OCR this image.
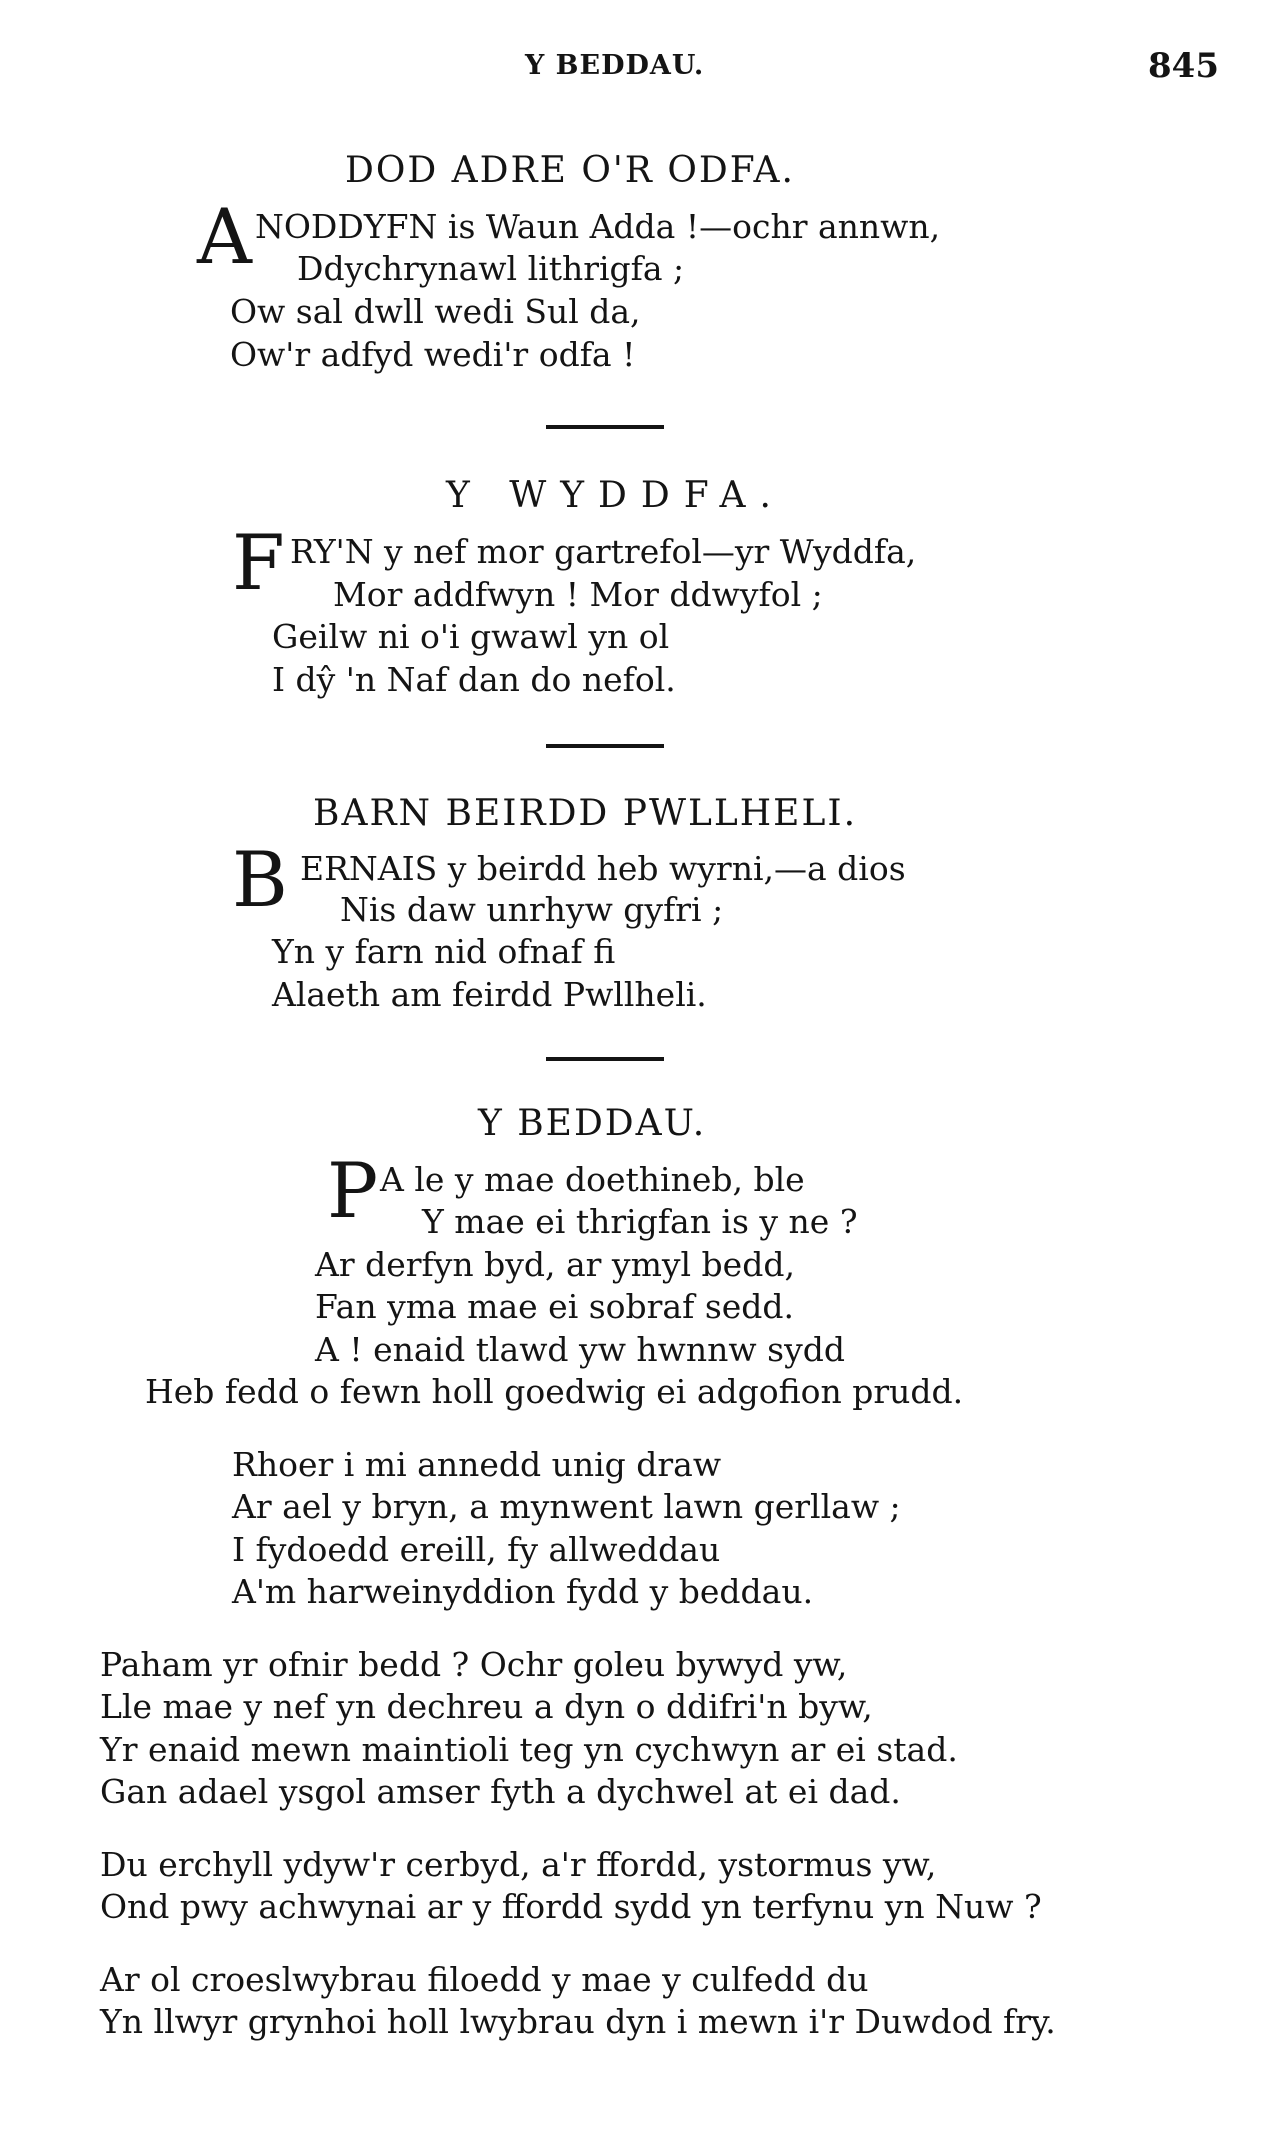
Y BEDDAU.	845
DOD ADRE O'R ODFA.
A NODDYFN is Waun Adda !—ochr annwn,
Ddychrynawl lithrigfa ;
Ow sal dwll wedi Sul da,
Ow'r adfyd wedi'r odfa !
Y WYDDFA.
F RY'N y nef mor gartrefol—yr Wyddfa,
Mor addfwyn ! Mor ddwyfol ;
Geilw ni o'i gwawl yn ol
I dŷ 'n Naf dan do nefol.
BARN BEIRDD PWLLHELI.
B ERNAIS y beirdd heb wyrni,—a dios
Nis daw unrhyw gyfri ;
Yn y farn nid ofnaf fi
Alaeth am feirdd Pwllheli.
Y BEDDAU.
P A le y mae doethineb, ble
Y mae ei thrigfan is y ne ?
Ar derfyn byd, ar ymyl bedd,
Fan yma mae ei sobraf sedd.
A ! enaid tlawd yw hwnnw sydd
Heb fedd o fewn holl goedwig ei adgofion prudd.
Rhoer i mi annedd unig draw
Ar ael y bryn, a mynwent lawn gerllaw ;
I fydoedd ereill, fy allweddau
A'm harweinyddion fydd y beddau.
Paham yr ofnir bedd ? Ochr goleu bywyd yw,
Lle mae y nef yn dechreu a dyn o ddifri'n byw,
Yr enaid mewn maintioli teg yn cychwyn ar ei stad.
Gan adael ysgol amser fyth a dychwel at ei dad.
Du erchyll ydyw'r cerbyd, a'r ffordd, ystormus yw,
Ond pwy achwynai ar y ffordd sydd yn terfynu yn Nuw ?
Ar ol croeslwybrau filoedd y mae y culfedd du
Yn llwyr grynhoi holl lwybrau dyn i mewn i'r Duwdod fry.
